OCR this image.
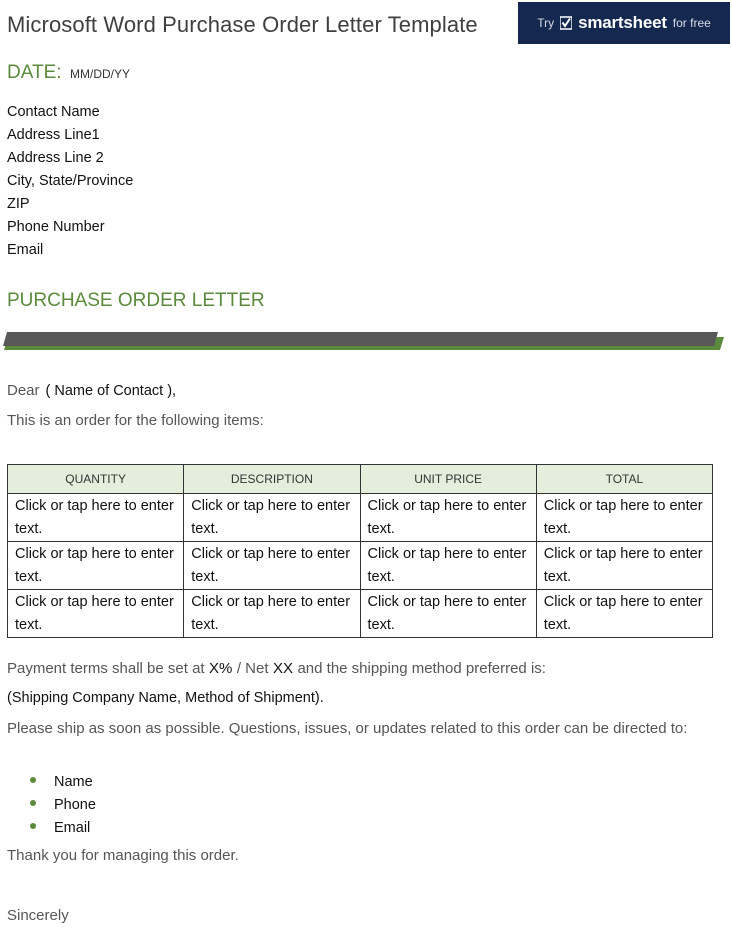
Microsoft Word Purchase Order Letter Template	Try smartsheet for free
DATE: MM/DD/YY
Contact Name
Address Line1
Address Line 2
City, State/Province
ZIP
Phone Number
Email
PURCHASE ORDER LETTER
Dear ( Name of Contact ),

This is an order for the following items:

QUANTITY	DESCRIPTION	UNIT PRICE	TOTAL
Click or tap here to enter text.	Click or tap here to enter text.	Click or tap here to enter text.	Click or tap here to enter text.
Click or tap here to enter text.	Click or tap here to enter text.	Click or tap here to enter text.	Click or tap here to enter text.
Click or tap here to enter text.	Click or tap here to enter text.	Click or tap here to enter text.	Click or tap here to enter text.
Payment terms shall be set at X% / Net XX and the shipping method preferred is:

(Shipping Company Name, Method of Shipment).

Please ship as soon as possible. Questions, issues, or updates related to this order can be directed to:

Name
Phone
Email

Thank you for managing this order.

Sincerely
